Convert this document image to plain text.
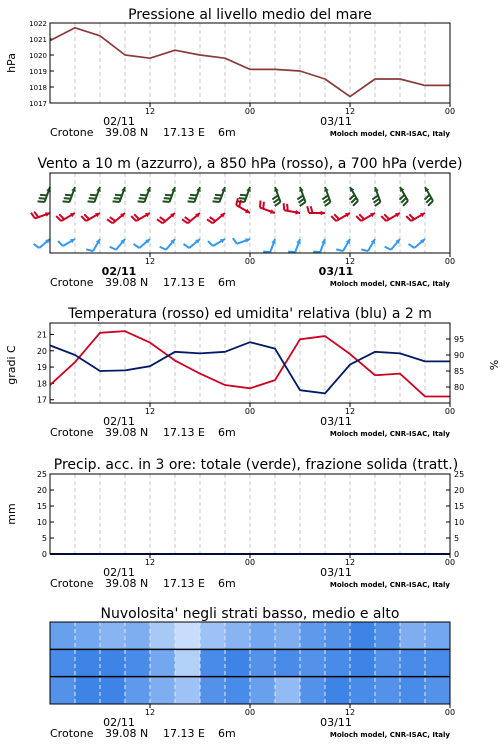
Pressione al livello medio del mare
hPa
1017
1018
1019
1020
1021
1022
12	00	12	00
02/11	03/11
Crotone 39.08 N 17.13 E 6m	Moloch model, CNR-ISAC, Italy
Vento a 10 m (azzurro), a 850 hPa (rosso), a 700 hPa (verde)
12	00	12	00
02/11	03/11
Crotone 39.08 N 17.13 E 6m	Moloch model, CNR-ISAC, Italy
Temperatura (rosso) ed umidita' relativa (blu) a 2 m
gradi C	%
17
18
19
20
21
80
85
90
95
12	00	12	00
02/11	03/11
Crotone 39.08 N 17.13 E 6m	Moloch model, CNR-ISAC, Italy
Precip. acc. in 3 ore: totale (verde), frazione solida (tratt.)
mm
0
5
10
15
20
25
0
5
10
15
20
25
12	00	12	00
02/11	03/11
Crotone 39.08 N 17.13 E 6m	Moloch model, CNR-ISAC, Italy
Nuvolosita' negli strati basso, medio e alto
12	00	12	00
02/11	03/11
Crotone 39.08 N 17.13 E 6m	Moloch model, CNR-ISAC, Italy
